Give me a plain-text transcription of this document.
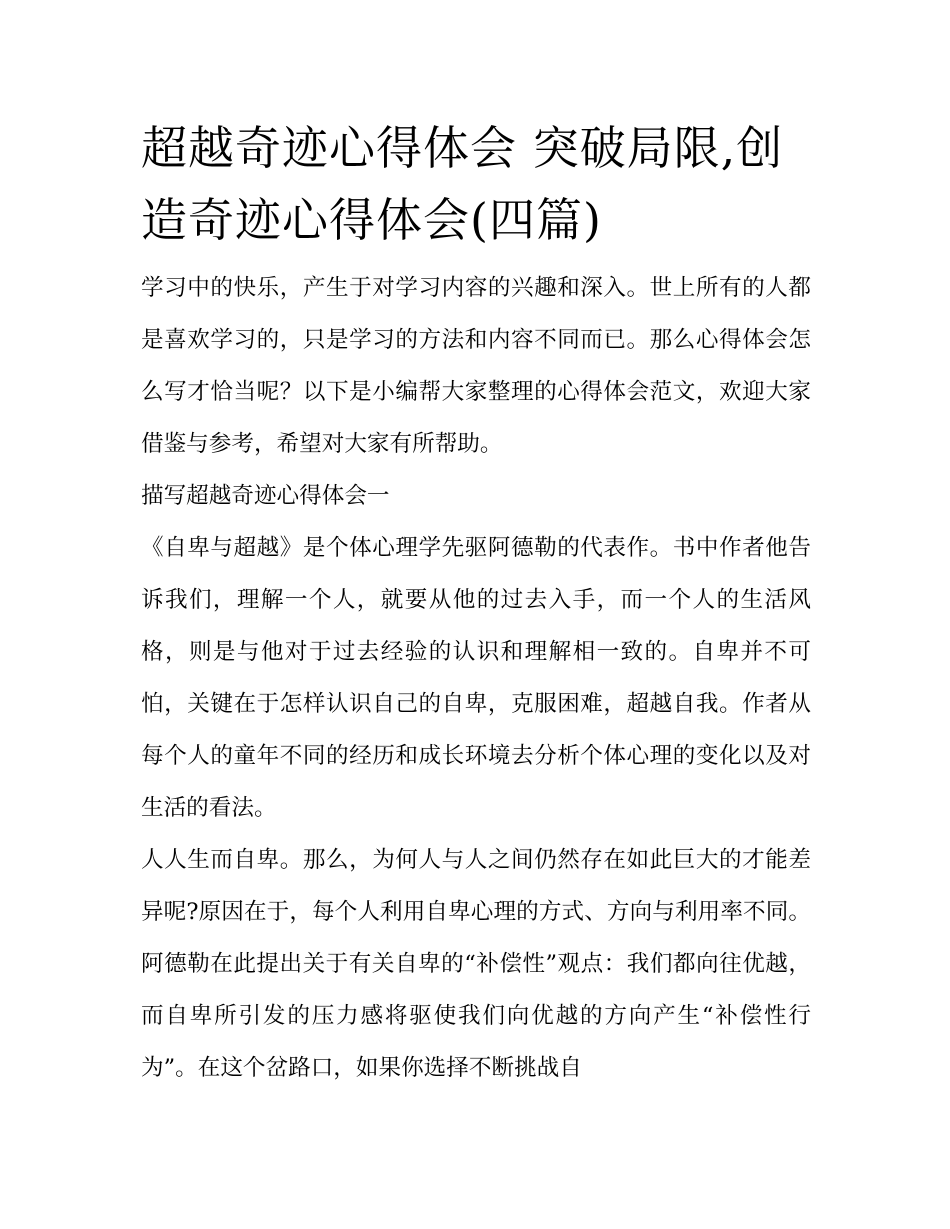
超越奇迹心得体会 突破局限,创造奇迹心得体会(四篇)

学习中的快乐，产生于对学习内容的兴趣和深入。世上所有的人都是喜欢学习的，只是学习的方法和内容不同而已。那么心得体会怎么写才恰当呢？以下是小编帮大家整理的心得体会范文，欢迎大家借鉴与参考，希望对大家有所帮助。

描写超越奇迹心得体会一

《自卑与超越》是个体心理学先驱阿德勒的代表作。书中作者他告诉我们，理解一个人，就要从他的过去入手，而一个人的生活风格，则是与他对于过去经验的认识和理解相一致的。自卑并不可怕，关键在于怎样认识自己的自卑，克服困难，超越自我。作者从每个人的童年不同的经历和成长环境去分析个体心理的变化以及对生活的看法。

人人生而自卑。那么，为何人与人之间仍然存在如此巨大的才能差异呢?原因在于，每个人利用自卑心理的方式、方向与利用率不同。阿德勒在此提出关于有关自卑的“补偿性”观点：我们都向往优越，而自卑所引发的压力感将驱使我们向优越的方向产生“补偿性行为”。在这个岔路口，如果你选择不断挑战自
